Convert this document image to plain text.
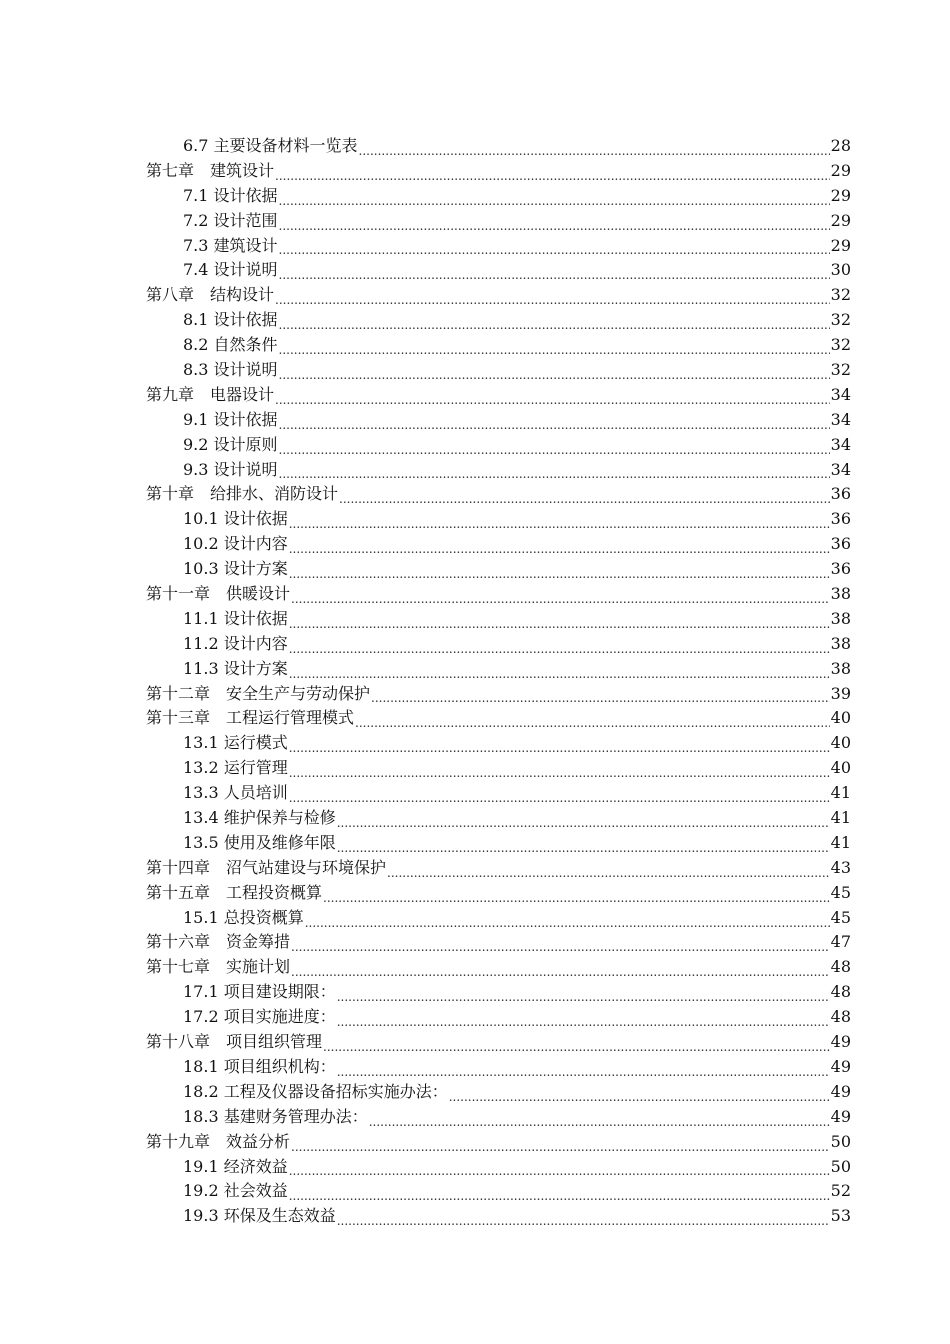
6.7 主要设备材料一览表 .....	28
第七章　建筑设计 .....	29
7.1 设计依据 .....	29
7.2 设计范围 .....	29
7.3 建筑设计 .....	29
7.4 设计说明 .....	30
第八章　结构设计 .....	32
8.1 设计依据 .....	32
8.2 自然条件 .....	32
8.3 设计说明 .....	32
第九章　电器设计 .....	34
9.1 设计依据 .....	34
9.2 设计原则 .....	34
9.3 设计说明 .....	34
第十章　给排水、消防设计 .....	36
10.1 设计依据 .....	36
10.2 设计内容 .....	36
10.3 设计方案 .....	36
第十一章　供暖设计 .....	38
11.1 设计依据 .....	38
11.2 设计内容 .....	38
11.3 设计方案 .....	38
第十二章　安全生产与劳动保护 .....	39
第十三章　工程运行管理模式 .....	40
13.1 运行模式 .....	40
13.2 运行管理 .....	40
13.3 人员培训 .....	41
13.4 维护保养与检修 .....	41
13.5 使用及维修年限 .....	41
第十四章　沼气站建设与环境保护 .....	43
第十五章　工程投资概算 .....	45
15.1 总投资概算 .....	45
第十六章　资金筹措 .....	47
第十七章　实施计划 .....	48
17.1 项目建设期限： .....	48
17.2 项目实施进度： .....	48
第十八章　项目组织管理 .....	49
18.1 项目组织机构： .....	49
18.2 工程及仪器设备招标实施办法： .....	49
18.3 基建财务管理办法： .....	49
第十九章　效益分析 .....	50
19.1 经济效益 .....	50
19.2 社会效益 .....	52
19.3 环保及生态效益 .....	53
